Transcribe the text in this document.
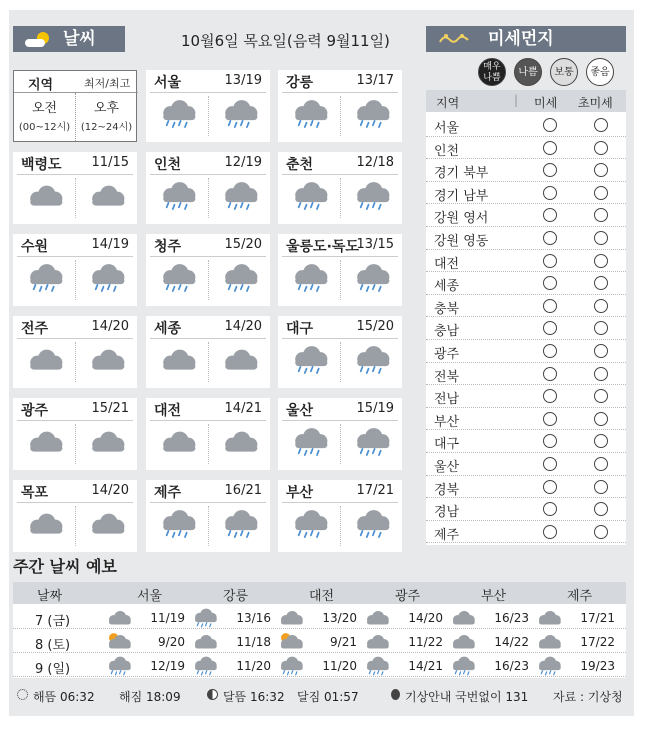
날씨	10월6일 목요일(음력 9월11일)	미세먼지
지역	최저/최고
오전
(00~12시)
오후
(12~24시)
서울	13/19 강릉	13/17
백령도 11/15 인천	12/19 춘천	12/18
수원	14/19 청주	15/20 울릉도·독도
13/15
전주	14/20 세종	14/20 대구	15/20
광주	15/21 대전	14/21 울산	15/19
목포	14/20 제주	16/21 부산	17/21
매우
나쁨	나쁨	보통	좋음
지역	| 미세 초미세
서울
인천
경기 북부
경기 남부
강원 영서
강원 영동
대전
세종
충북
충남
광주
전북
전남
부산
대구
울산
경북
경남
제주
주간 날씨 예보
날짜	서울	강릉	대전	광주	부산	제주
7 (금)	11/19	13/16	13/20	14/20	16/23	17/21
8 (토)	9/20	11/18	9/21	11/22	14/22	17/22
9 (일)	12/19	11/20	11/20	14/21	16/23	19/23
해뜸 06:32 해짐 18:09	달뜸 16:32 달짐 01:57	기상안내 국번없이 131 자료 : 기상청
